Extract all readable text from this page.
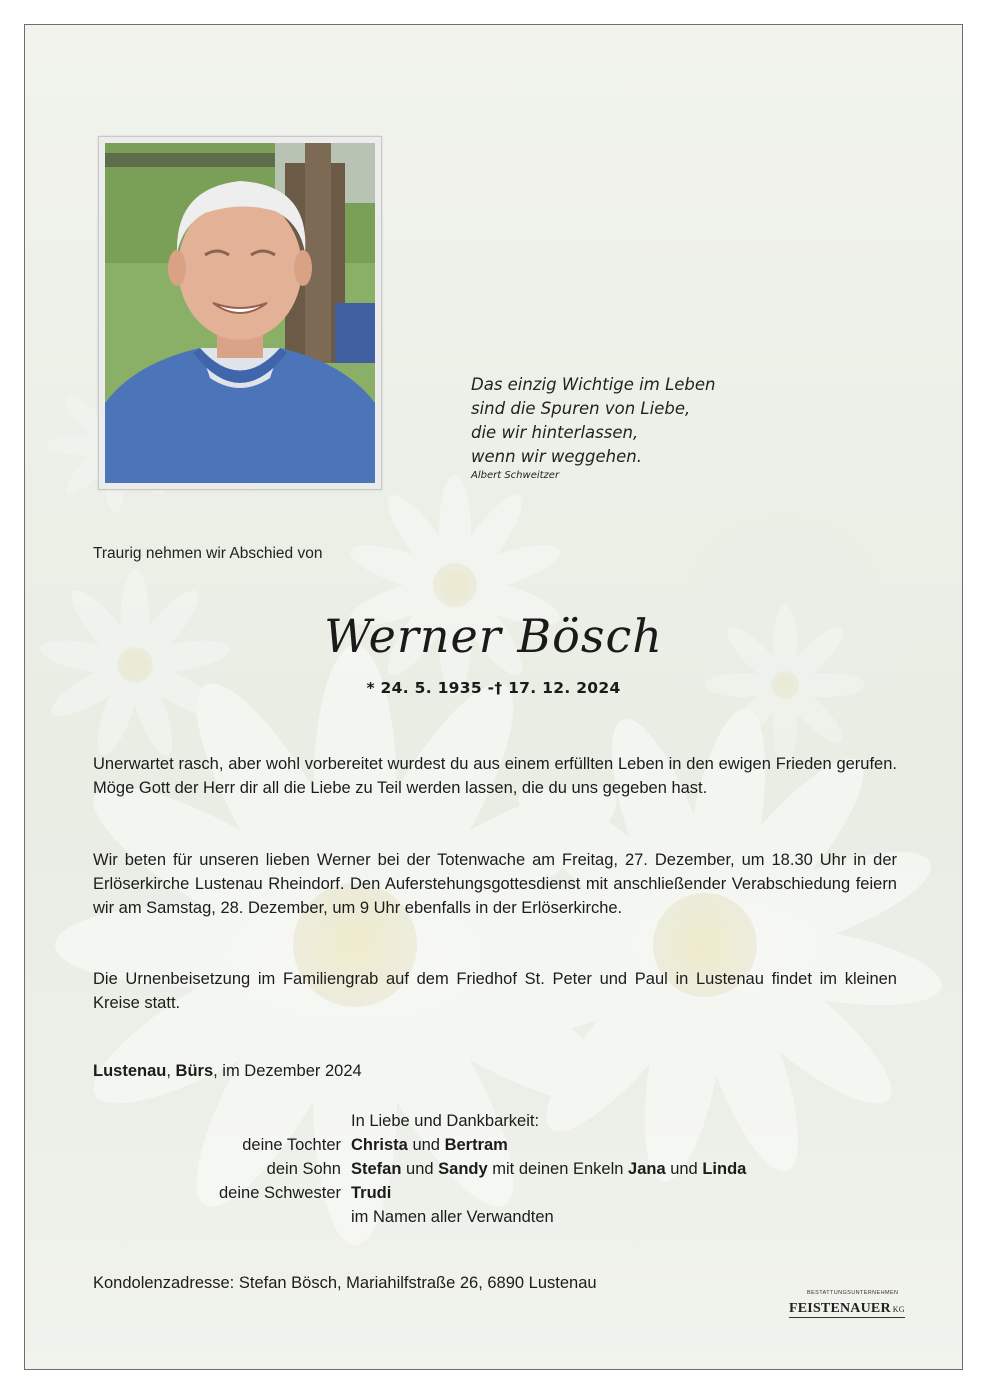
Das einzig Wichtige im Leben
sind die Spuren von Liebe,
die wir hinterlassen,
wenn wir weggehen.
Albert Schweitzer
Traurig nehmen wir Abschied von
Werner Bösch
* 24. 5. 1935 -† 17. 12. 2024
Unerwartet rasch, aber wohl vorbereitet wurdest du aus einem erfüllten Leben in den ewigen Frieden gerufen. Möge Gott der Herr dir all die Liebe zu Teil werden lassen, die du uns gegeben hast.
Wir beten für unseren lieben Werner bei der Totenwache am Freitag, 27. Dezember, um 18.30 Uhr in der Erlöserkirche Lustenau Rheindorf. Den Auferstehungsgottesdienst mit anschließender Verabschiedung feiern wir am Samstag, 28. Dezember, um 9 Uhr ebenfalls in der Erlöserkirche.
Die Urnenbeisetzung im Familiengrab auf dem Friedhof St. Peter und Paul in Lustenau findet im kleinen Kreise statt.
Lustenau, Bürs, im Dezember 2024
In Liebe und Dankbarkeit:
deine Tochter Christa und Bertram
dein Sohn Stefan und Sandy mit deinen Enkeln Jana und Linda
deine Schwester Trudi
im Namen aller Verwandten
Kondolenzadresse: Stefan Bösch, Mariahilfstraße 26, 6890 Lustenau
BESTATTUNGSUNTERNEHMEN
FEISTENAUER KG
